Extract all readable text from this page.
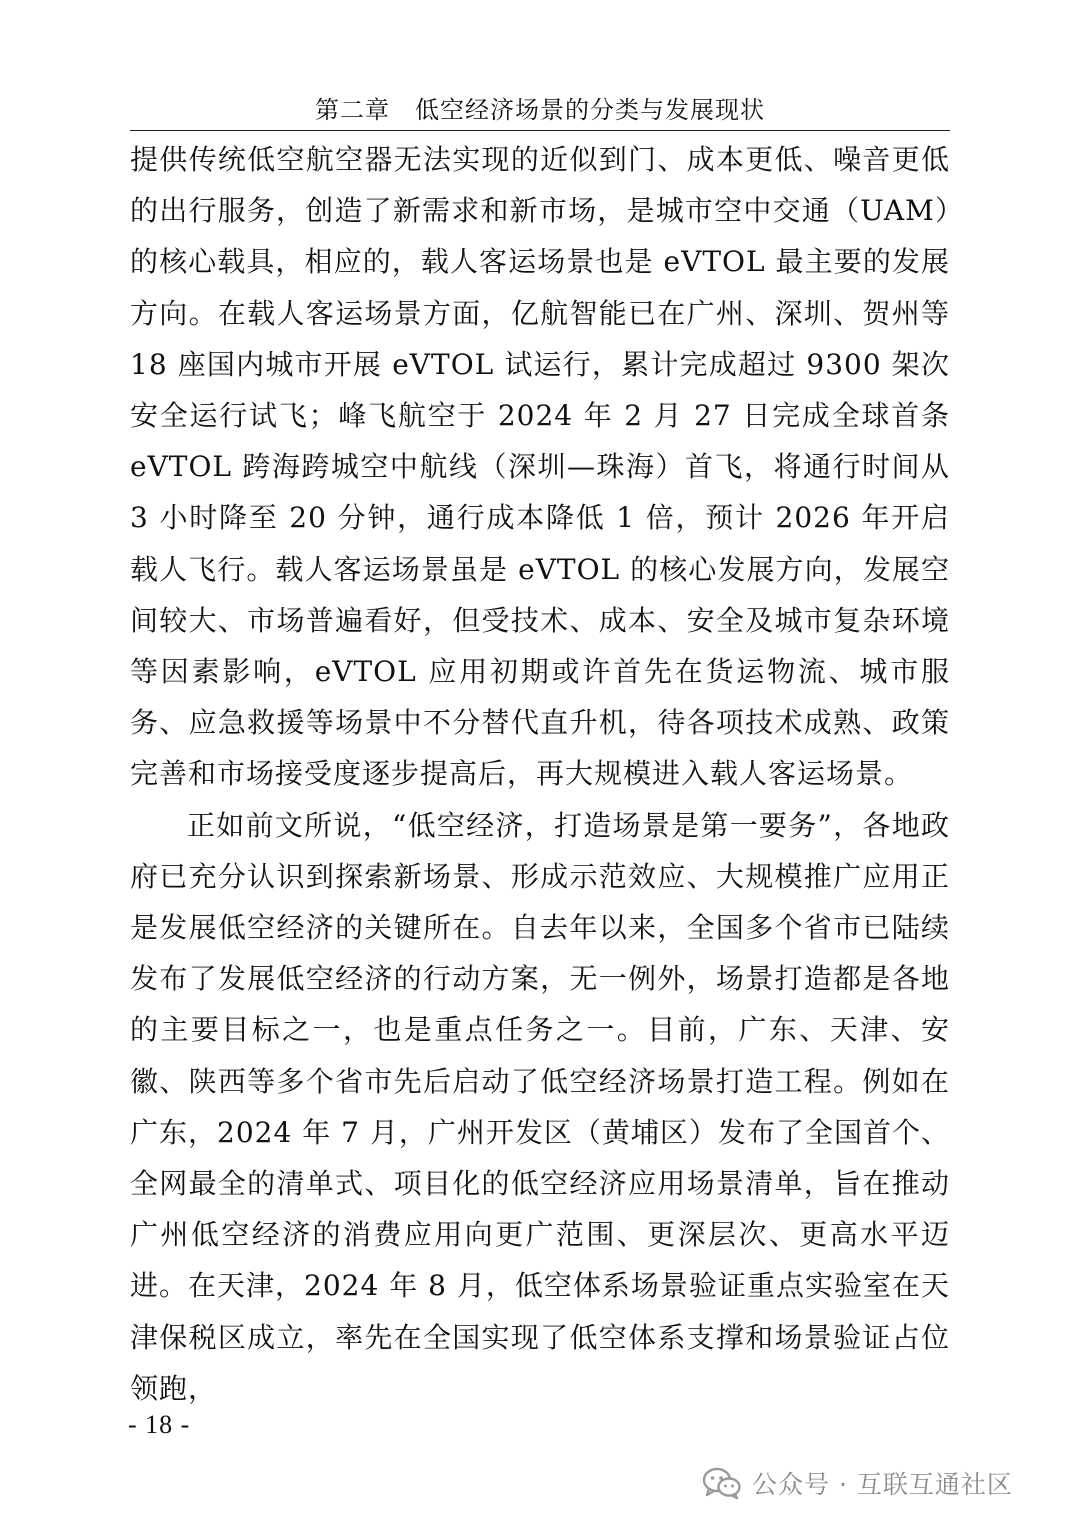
第二章　低空经济场景的分类与发展现状

提供传统低空航空器无法实现的近似到门、成本更低、噪音更低的出行服务，创造了新需求和新市场，是城市空中交通（UAM）的核心载具，相应的，载人客运场景也是 eVTOL 最主要的发展方向。在载人客运场景方面，亿航智能已在广州、深圳、贺州等 18 座国内城市开展 eVTOL 试运行，累计完成超过 9300 架次安全运行试飞；峰飞航空于 2024 年 2 月 27 日完成全球首条 eVTOL 跨海跨城空中航线（深圳—珠海）首飞，将通行时间从 3 小时降至 20 分钟，通行成本降低 1 倍，预计 2026 年开启载人飞行。载人客运场景虽是 eVTOL 的核心发展方向，发展空间较大、市场普遍看好，但受技术、成本、安全及城市复杂环境等因素影响，eVTOL 应用初期或许首先在货运物流、城市服务、应急救援等场景中不分替代直升机，待各项技术成熟、政策完善和市场接受度逐步提高后，再大规模进入载人客运场景。

正如前文所说，“低空经济，打造场景是第一要务”，各地政府已充分认识到探索新场景、形成示范效应、大规模推广应用正是发展低空经济的关键所在。自去年以来，全国多个省市已陆续发布了发展低空经济的行动方案，无一例外，场景打造都是各地的主要目标之一，也是重点任务之一。目前，广东、天津、安徽、陕西等多个省市先后启动了低空经济场景打造工程。例如在广东，2024 年 7 月，广州开发区（黄埔区）发布了全国首个、全网最全的清单式、项目化的低空经济应用场景清单，旨在推动广州低空经济的消费应用向更广范围、更深层次、更高水平迈进。在天津，2024 年 8 月，低空体系场景验证重点实验室在天津保税区成立，率先在全国实现了低空体系支撑和场景验证占位领跑，

- 18 -
公众号 · 互联互通社区
